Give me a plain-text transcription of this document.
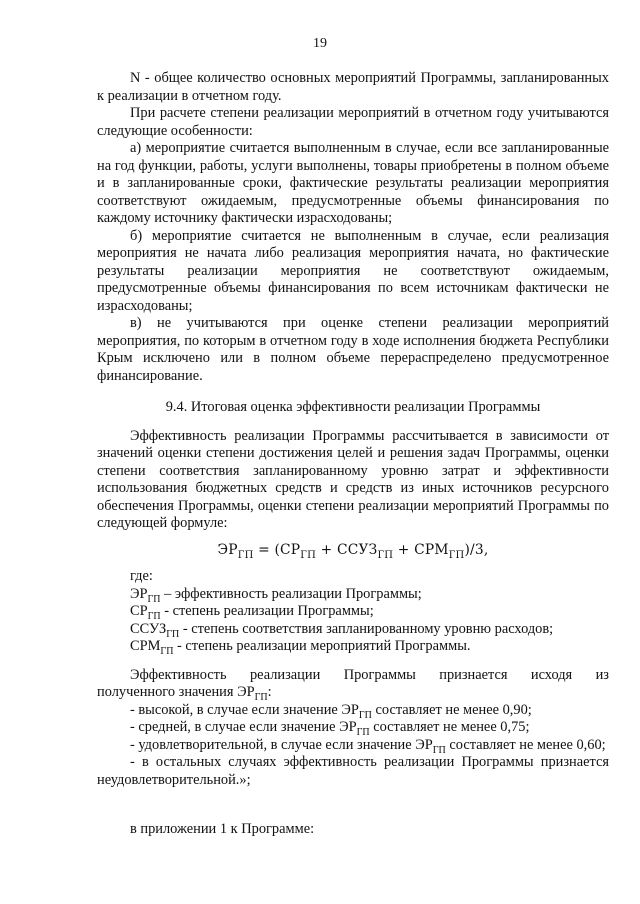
19

N - общее количество основных мероприятий Программы, запланированных к реализации в отчетном году.

При расчете степени реализации мероприятий в отчетном году учитываются следующие особенности:

а) мероприятие считается выполненным в случае, если все запланированные на год функции, работы, услуги выполнены, товары приобретены в полном объеме и в запланированные сроки, фактические результаты реализации мероприятия соответствуют ожидаемым, предусмотренные объемы финансирования по каждому источнику фактически израсходованы;

б) мероприятие считается не выполненным в случае, если реализация мероприятия не начата либо реализация мероприятия начата, но фактические результаты реализации мероприятия не соответствуют ожидаемым, предусмотренные объемы финансирования по всем источникам фактически не израсходованы;

в) не учитываются при оценке степени реализации мероприятий мероприятия, по которым в отчетном году в ходе исполнения бюджета Республики Крым исключено или в полном объеме перераспределено предусмотренное финансирование.

9.4. Итоговая оценка эффективности реализации Программы

Эффективность реализации Программы рассчитывается в зависимости от значений оценки степени достижения целей и решения задач Программы, оценки степени соответствия запланированному уровню затрат и эффективности использования бюджетных средств и средств из иных источников ресурсного обеспечения Программы, оценки степени реализации мероприятий Программы по следующей формуле:

$ЭР_{ГП} = (СР_{ГП}$ + $ССУЗ_{ГП} + СРМ_{ГП})/3$,

где:

$ЭР_{ГП}$ – эффективность реализации Программы;

$СР_{ГП}$ - степень реализации Программы;

$ССУЗ_{ГП}$ - степень соответствия запланированному уровню расходов;

$СРМ_{ГП}$ - степень реализации мероприятий Программы.

Эффективность реализации Программы признается исходя из

полученного значения $ЭР_{ГП}$:

- высокой, в случае если значение $ЭР_{ГП}$ составляет не менее 0,90;

- средней, в случае если значение $ЭР_{ГП}$ составляет не менее 0,75;

- удовлетворительной, в случае если значение $ЭР_{ГП}$ составляет не менее 0,60;

- в остальных случаях эффективность реализации Программы признается неудовлетворительной.»;

в приложении 1 к Программе:
